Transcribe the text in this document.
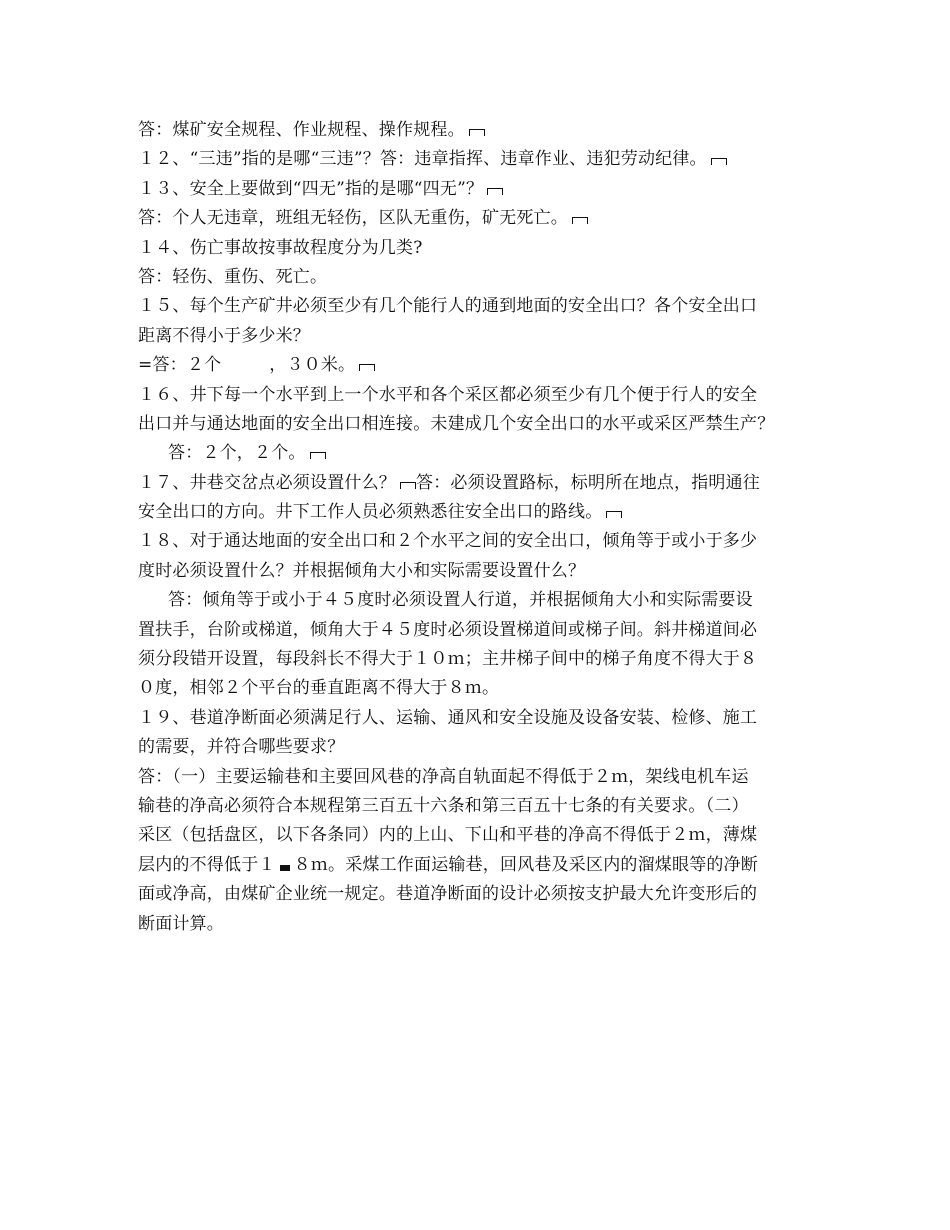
答：煤矿安全规程、作业规程、操作规程。
１２、“三违”指的是哪“三违”？答：违章指挥、违章作业、违犯劳动纪律。
１３、安全上要做到“四无”指的是哪“四无”？
答：个人无违章，班组无轻伤，区队无重伤，矿无死亡。
１４、伤亡事故按事故程度分为几类?
答：轻伤、重伤、死亡。
１５、每个生产矿井必须至少有几个能行人的通到地面的安全出口？各个安全出口
距离不得小于多少米？
=答：２个	，３０米。
１６、井下每一个水平到上一个水平和各个采区都必须至少有几个便于行人的安全
出口并与通达地面的安全出口相连接。未建成几个安全出口的水平或采区严禁生产？
答：２个，２个。
１７、井巷交岔点必须设置什么？ 答：必须设置路标，标明所在地点，指明通往
安全出口的方向。井下工作人员必须熟悉往安全出口的路线。
１８、对于通达地面的安全出口和２个水平之间的安全出口，倾角等于或小于多少
度时必须设置什么？并根据倾角大小和实际需要设置什么？
答：倾角等于或小于４５度时必须设置人行道，并根据倾角大小和实际需要设
置扶手，台阶或梯道，倾角大于４５度时必须设置梯道间或梯子间。斜井梯道间必
须分段错开设置，每段斜长不得大于１０ｍ；主井梯子间中的梯子角度不得大于８
０度，相邻２个平台的垂直距离不得大于８ｍ。
１９、巷道净断面必须满足行人、运输、通风和安全设施及设备安装、检修、施工
的需要，并符合哪些要求？
答：（一）主要运输巷和主要回风巷的净高自轨面起不得低于２ｍ，架线电机车运
输巷的净高必须符合本规程第三百五十六条和第三百五十七条的有关要求。（二）
采区（包括盘区，以下各条同）内的上山、下山和平巷的净高不得低于２ｍ，薄煤
层内的不得低于１ ８ｍ。采煤工作面运输巷，回风巷及采区内的溜煤眼等的净断
面或净高，由煤矿企业统一规定。巷道净断面的设计必须按支护最大允许变形后的
断面计算。
